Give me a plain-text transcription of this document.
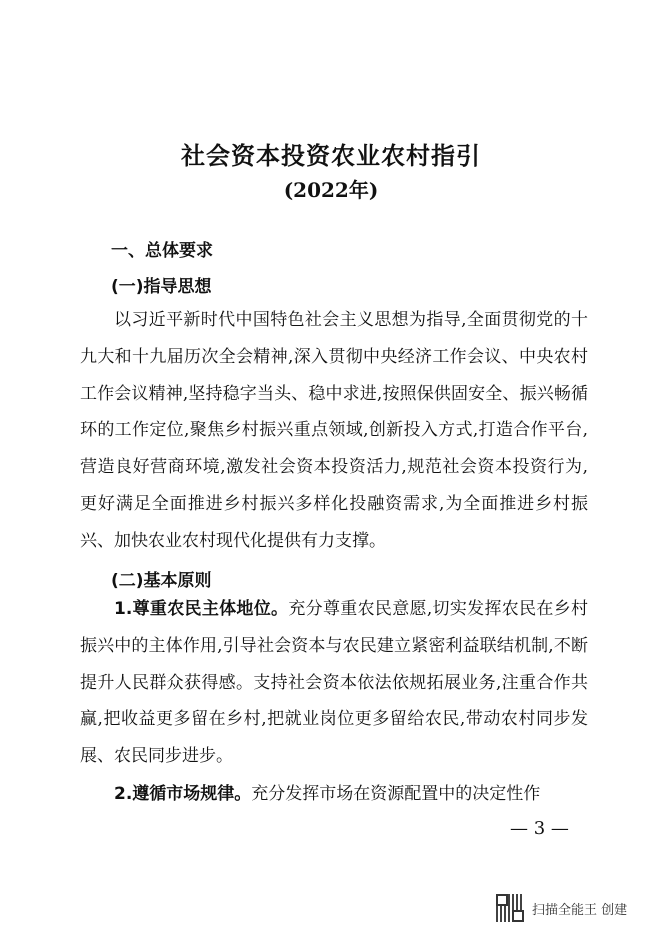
社会资本投资农业农村指引
(2022年)
一、总体要求
(一)指导思想

以习近平新时代中国特色社会主义思想为指导,全面贯彻党的十九大和十九届历次全会精神,深入贯彻中央经济工作会议、中央农村工作会议精神,坚持稳字当头、稳中求进,按照保供固安全、振兴畅循环的工作定位,聚焦乡村振兴重点领域,创新投入方式,打造合作平台,营造良好营商环境,激发社会资本投资活力,规范社会资本投资行为,更好满足全面推进乡村振兴多样化投融资需求,为全面推进乡村振兴、加快农业农村现代化提供有力支撑。

(二)基本原则

1.尊重农民主体地位。充分尊重农民意愿,切实发挥农民在乡村振兴中的主体作用,引导社会资本与农民建立紧密利益联结机制,不断提升人民群众获得感。支持社会资本依法依规拓展业务,注重合作共赢,把收益更多留在乡村,把就业岗位更多留给农民,带动农村同步发展、农民同步进步。

2.遵循市场规律。充分发挥市场在资源配置中的决定性作

— 3 —
扫描全能王 创建
